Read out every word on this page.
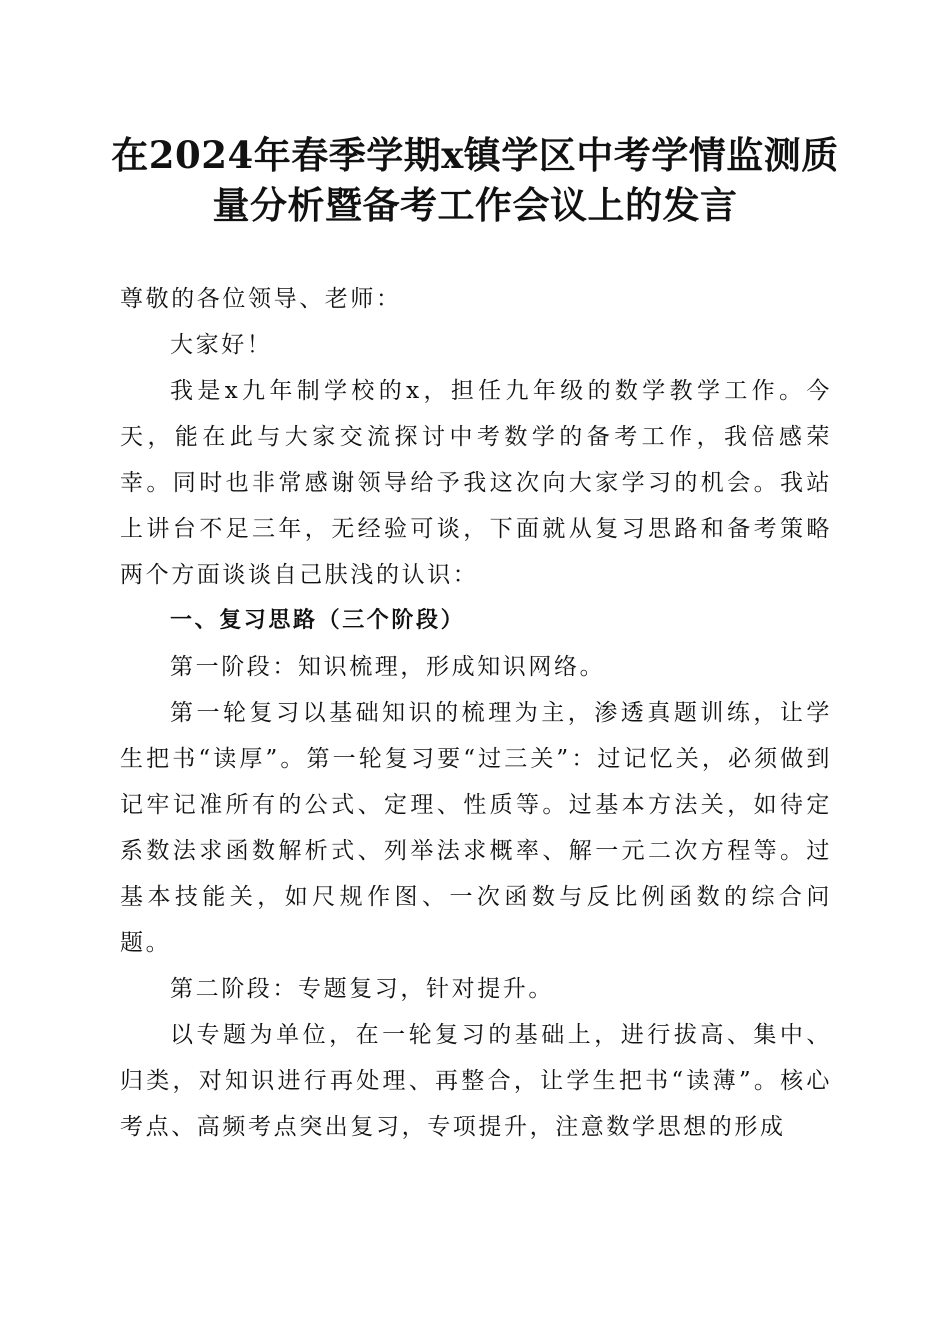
在2024年春季学期x镇学区中考学情监测质
量分析暨备考工作会议上的发言

尊敬的各位领导、老师：

大家好！

我是x九年制学校的x，担任九年级的数学教学工作。今天，能在此与大家交流探讨中考数学的备考工作，我倍感荣幸。同时也非常感谢领导给予我这次向大家学习的机会。我站上讲台不足三年，无经验可谈，下面就从复习思路和备考策略两个方面谈谈自己肤浅的认识：

一、复习思路（三个阶段）

第一阶段：知识梳理，形成知识网络。

第一轮复习以基础知识的梳理为主，渗透真题训练，让学生把书“读厚”。第一轮复习要“过三关”：过记忆关，必须做到记牢记准所有的公式、定理、性质等。过基本方法关，如待定系数法求函数解析式、列举法求概率、解一元二次方程等。过基本技能关，如尺规作图、一次函数与反比例函数的综合问题。

第二阶段：专题复习，针对提升。

以专题为单位，在一轮复习的基础上，进行拔高、集中、归类，对知识进行再处理、再整合，让学生把书“读薄”。核心考点、高频考点突出复习，专项提升，注意数学思想的形成
